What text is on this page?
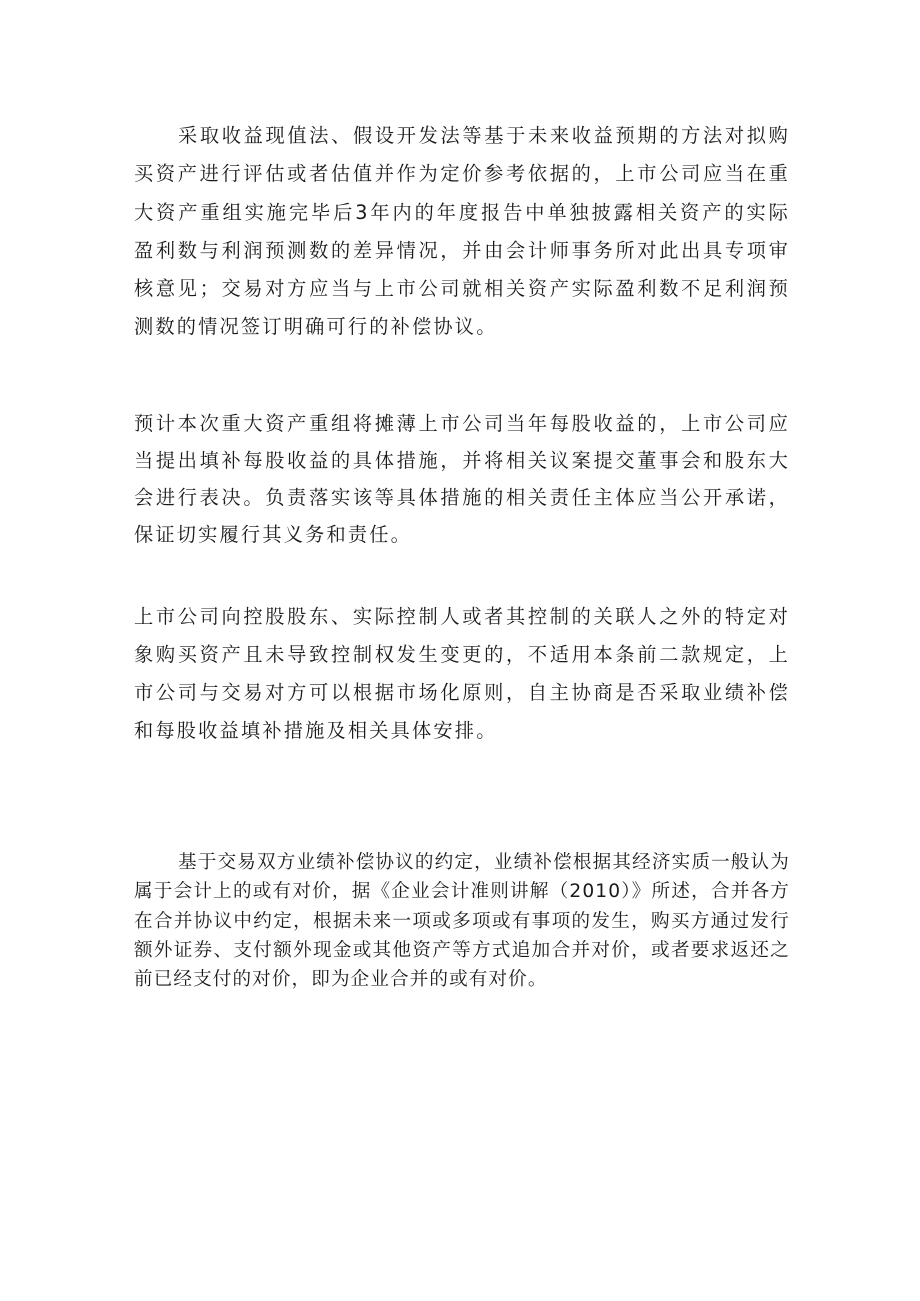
采取收益现值法、假设开发法等基于未来收益预期的方法对拟购买资产进行评估或者估值并作为定价参考依据的，上市公司应当在重大资产重组实施完毕后3年内的年度报告中单独披露相关资产的实际盈利数与利润预测数的差异情况，并由会计师事务所对此出具专项审核意见；交易对方应当与上市公司就相关资产实际盈利数不足利润预测数的情况签订明确可行的补偿协议。

预计本次重大资产重组将摊薄上市公司当年每股收益的，上市公司应当提出填补每股收益的具体措施，并将相关议案提交董事会和股东大会进行表决。负责落实该等具体措施的相关责任主体应当公开承诺，保证切实履行其义务和责任。

上市公司向控股股东、实际控制人或者其控制的关联人之外的特定对象购买资产且未导致控制权发生变更的，不适用本条前二款规定，上市公司与交易对方可以根据市场化原则，自主协商是否采取业绩补偿和每股收益填补措施及相关具体安排。

基于交易双方业绩补偿协议的约定，业绩补偿根据其经济实质一般认为属于会计上的或有对价，据《企业会计准则讲解（2010）》所述，合并各方在合并协议中约定，根据未来一项或多项或有事项的发生，购买方通过发行额外证券、支付额外现金或其他资产等方式追加合并对价，或者要求返还之前已经支付的对价，即为企业合并的或有对价。
